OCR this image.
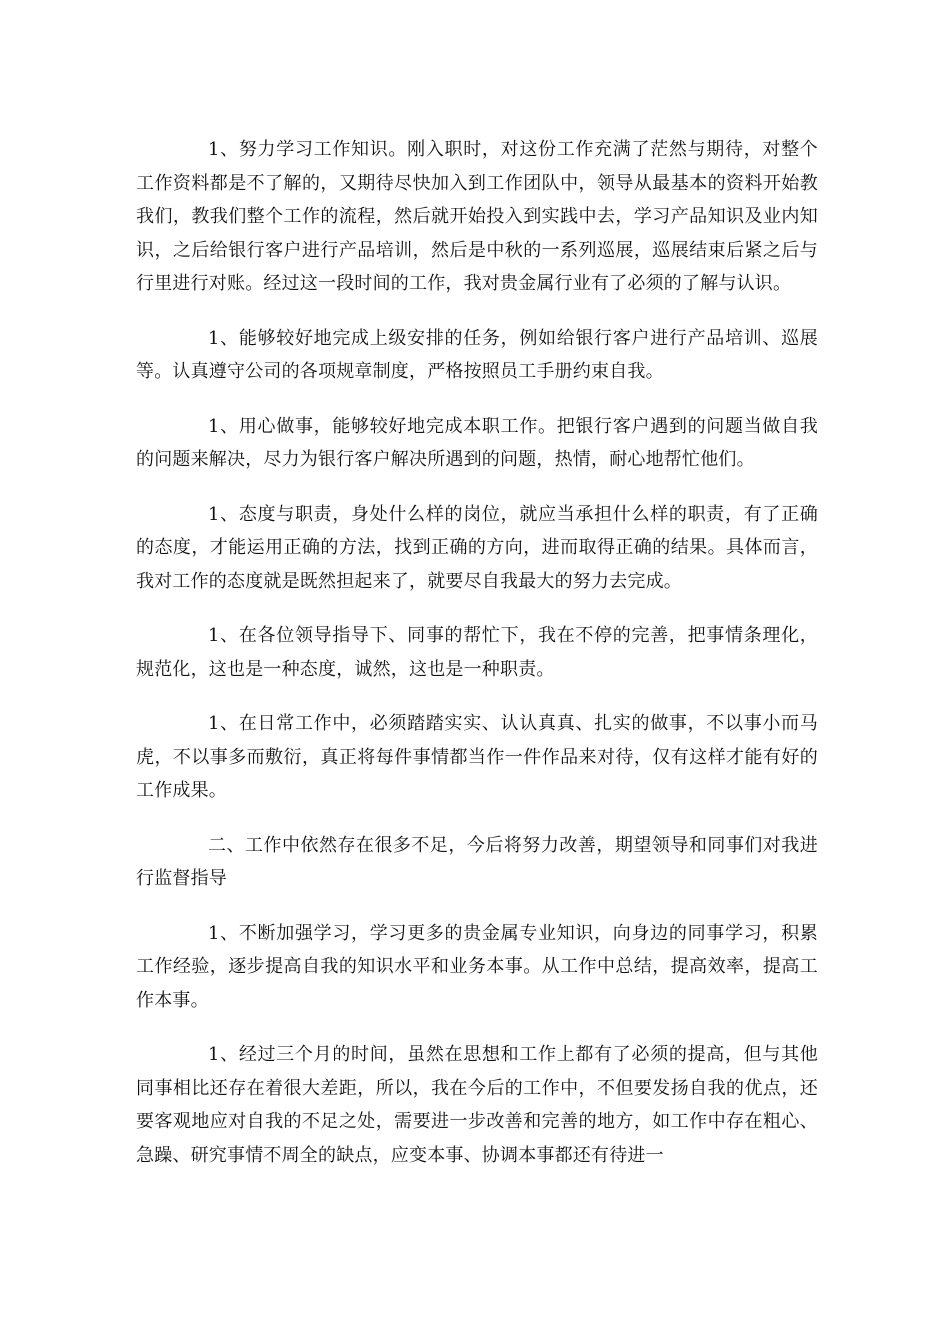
1、努力学习工作知识。刚入职时，对这份工作充满了茫然与期待，对整个工作资料都是不了解的，又期待尽快加入到工作团队中，领导从最基本的资料开始教我们，教我们整个工作的流程，然后就开始投入到实践中去，学习产品知识及业内知识，之后给银行客户进行产品培训，然后是中秋的一系列巡展，巡展结束后紧之后与行里进行对账。经过这一段时间的工作，我对贵金属行业有了必须的了解与认识。

1、能够较好地完成上级安排的任务，例如给银行客户进行产品培训、巡展等。认真遵守公司的各项规章制度，严格按照员工手册约束自我。

1、用心做事，能够较好地完成本职工作。把银行客户遇到的问题当做自我的问题来解决，尽力为银行客户解决所遇到的问题，热情，耐心地帮忙他们。

1、态度与职责，身处什么样的岗位，就应当承担什么样的职责，有了正确的态度，才能运用正确的方法，找到正确的方向，进而取得正确的结果。具体而言，我对工作的态度就是既然担起来了，就要尽自我最大的努力去完成。

1、在各位领导指导下、同事的帮忙下，我在不停的完善，把事情条理化，规范化，这也是一种态度，诚然，这也是一种职责。

1、在日常工作中，必须踏踏实实、认认真真、扎实的做事，不以事小而马虎，不以事多而敷衍，真正将每件事情都当作一件作品来对待，仅有这样才能有好的工作成果。

二、工作中依然存在很多不足，今后将努力改善，期望领导和同事们对我进行监督指导

1、不断加强学习，学习更多的贵金属专业知识，向身边的同事学习，积累工作经验，逐步提高自我的知识水平和业务本事。从工作中总结，提高效率，提高工作本事。

1、经过三个月的时间，虽然在思想和工作上都有了必须的提高，但与其他同事相比还存在着很大差距，所以，我在今后的工作中，不但要发扬自我的优点，还要客观地应对自我的不足之处，需要进一步改善和完善的地方，如工作中存在粗心、急躁、研究事情不周全的缺点，应变本事、协调本事都还有待进一
